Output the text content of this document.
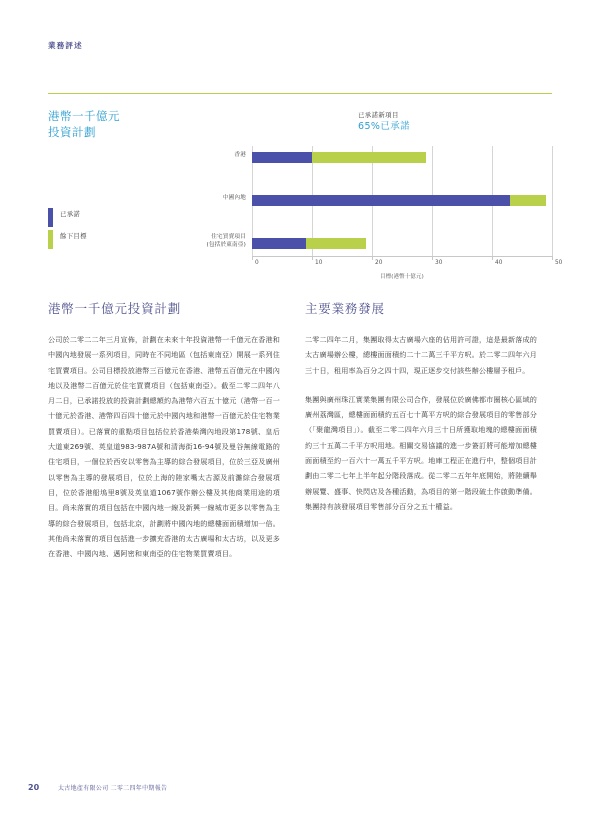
業務評述
港幣一千億元
投資計劃
已承諾新項目
65%已承諾
已承諾
餘下目標
香港
中國內地
住宅買賣項目
(包括於東南亞)
0	10	20	30	40	50
目標(港幣十億元)
港幣一千億元投資計劃
公司於二零二二年三月宣佈，計劃在未來十年投資港幣一千億元在香港和中國內地發展一系列項目，同時在不同地區（包括東南亞）開展一系列住宅買賣項目。公司目標投放港幣三百億元在香港、港幣五百億元在中國內地以及港幣二百億元於住宅買賣項目（包括東南亞）。截至二零二四年八月二日，已承諾投放的投資計劃總額約為港幣六百五十億元（港幣一百一十億元於香港、港幣四百四十億元於中國內地和港幣一百億元於住宅物業買賣項目）。已落實的重點項目包括位於香港柴灣內地段第178號、皇后大道東269號、英皇道983-987A號和清海街16-94號及曼谷無線電路的住宅項目，一個位於西安以零售為主導的綜合發展項目，位於三亞及廣州以零售為主導的發展項目，位於上海的陸家嘴太古源及前灘綜合發展項目，位於香港船塢里8號及英皇道1067號作辦公樓及其他商業用途的項目。尚未落實的項目包括在中國內地一線及新興一線城市更多以零售為主導的綜合發展項目，包括北京，計劃將中國內地的總樓面面積增加一倍。其他尚未落實的項目包括進一步擴充香港的太古廣場和太古坊，以及更多在香港、中國內地、邁阿密和東南亞的住宅物業買賣項目。
主要業務發展
二零二四年二月，集團取得太古廣場六座的佔用許可證，這是最新落成的太古廣場辦公樓，總樓面面積約二十二萬三千平方呎。於二零二四年六月三十日，租用率為百分之四十四，現正逐步交付該些辦公樓層予租戶。
集團與廣州珠江實業集團有限公司合作，發展位於廣佛都市圈核心區域的廣州荔灣區，總樓面面積約五百七十萬平方呎的綜合發展項目的零售部分（「聚龍灣項目」）。截至二零二四年六月三十日所獲取地塊的總樓面面積約三十五萬二千平方呎用地。相關交易協議的進一步簽訂將可能增加總樓面面積至約一百六十一萬五千平方呎。地庫工程正在進行中，整個項目計劃由二零二七年上半年起分階段落成。從二零二五年年底開始，將陸續舉辦展覽、盛事、快閃店及各種活動，為項目的第一階段破土作啟動準備。集團持有該發展項目零售部分百分之五十權益。
20	太古地產有限公司 二零二四年中期報告
